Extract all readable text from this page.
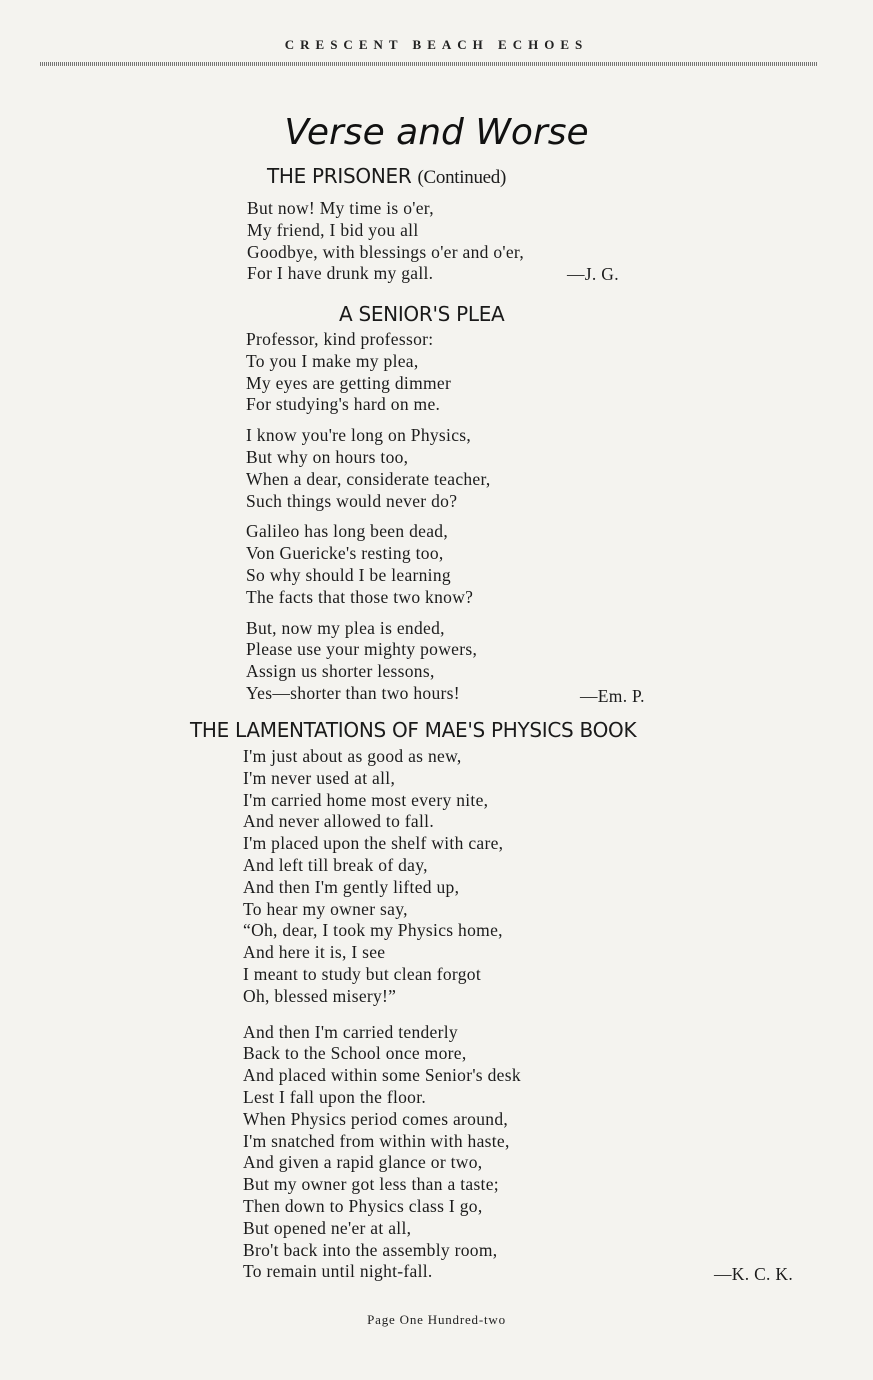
CRESCENT BEACH ECHOES
Verse and Worse
THE PRISONER (Continued)
But now! My time is o'er,
My friend, I bid you all
Goodbye, with blessings o'er and o'er,
For I have drunk my gall.	—J. G.
A SENIOR'S PLEA
Professor, kind professor:
To you I make my plea,
My eyes are getting dimmer
For studying's hard on me.
I know you're long on Physics,
But why on hours too,
When a dear, considerate teacher,
Such things would never do?
Galileo has long been dead,
Von Guericke's resting too,
So why should I be learning
The facts that those two know?
But, now my plea is ended,
Please use your mighty powers,
Assign us shorter lessons,
Yes—shorter than two hours!	—Em. P.
THE LAMENTATIONS OF MAE'S PHYSICS BOOK
I'm just about as good as new,
I'm never used at all,
I'm carried home most every nite,
And never allowed to fall.
I'm placed upon the shelf with care,
And left till break of day,
And then I'm gently lifted up,
To hear my owner say,
“Oh, dear, I took my Physics home,
And here it is, I see
I meant to study but clean forgot
Oh, blessed misery!”
And then I'm carried tenderly
Back to the School once more,
And placed within some Senior's desk
Lest I fall upon the floor.
When Physics period comes around,
I'm snatched from within with haste,
And given a rapid glance or two,
But my owner got less than a taste;
Then down to Physics class I go,
But opened ne'er at all,
Bro't back into the assembly room,
To remain until night-fall.	—K. C. K.
Page One Hundred-two
